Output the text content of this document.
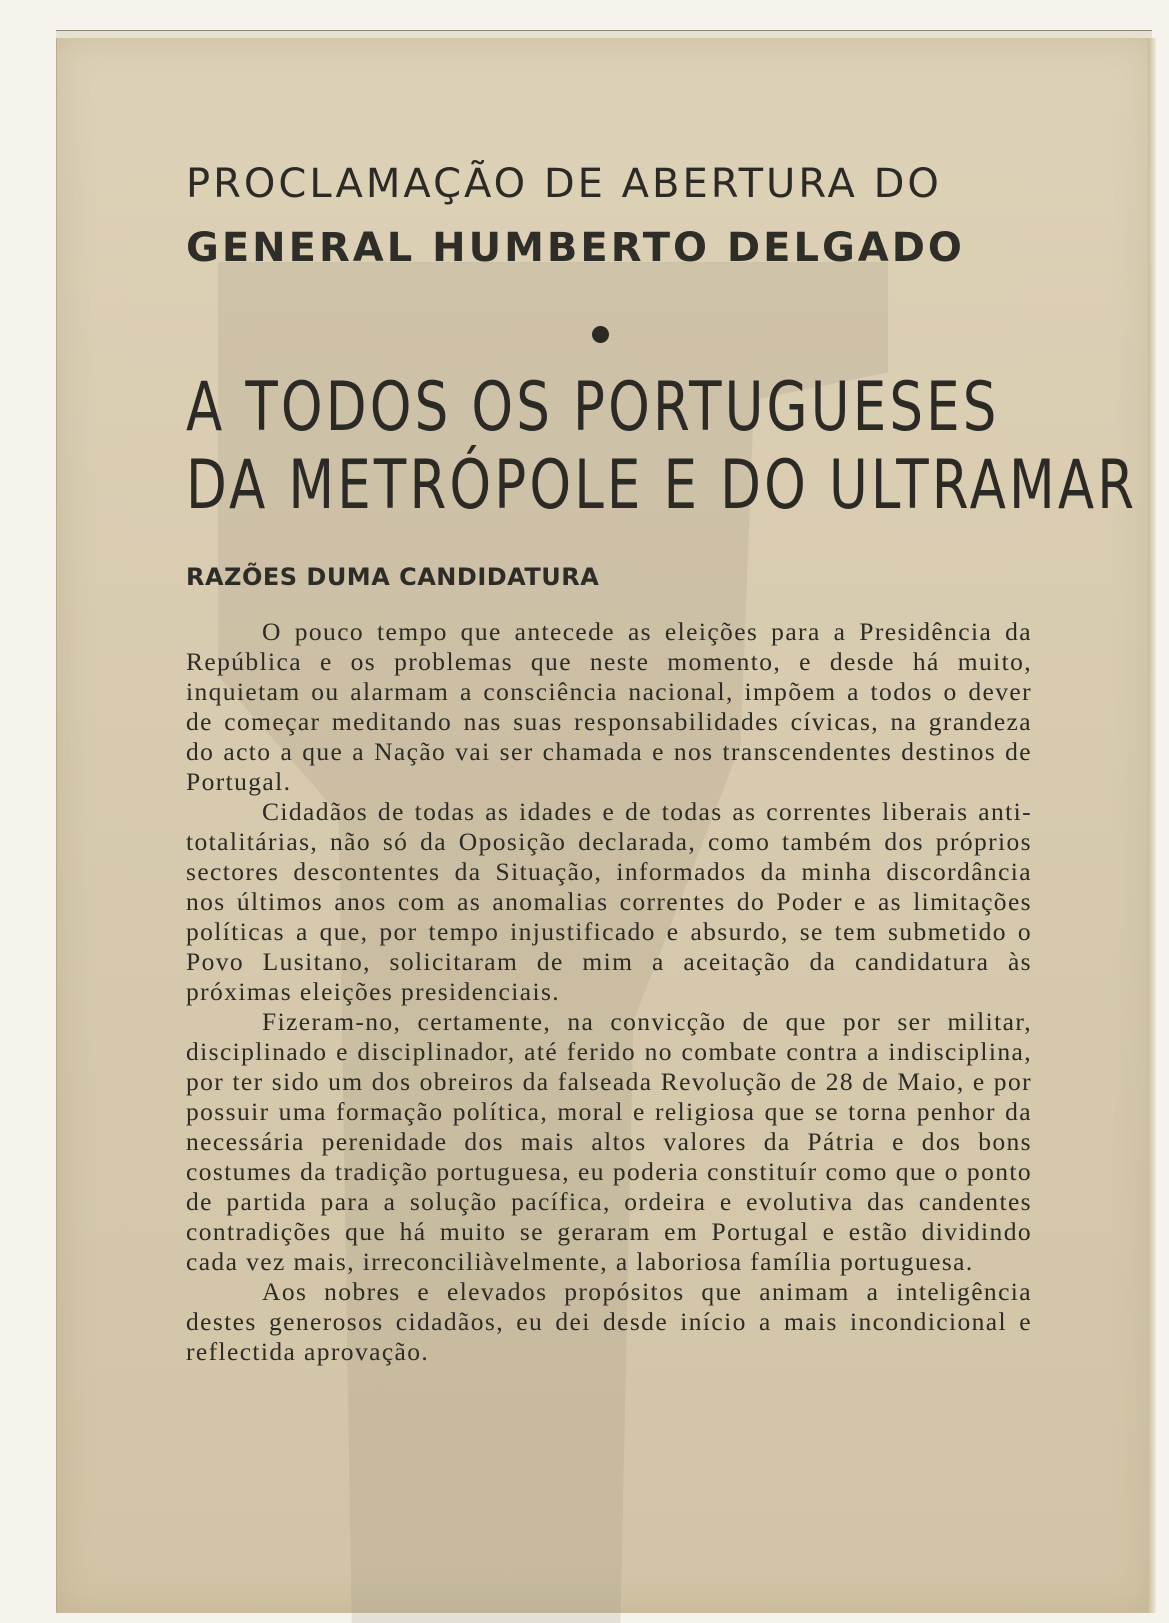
PROCLAMAÇÃO DE ABERTURA DO
GENERAL HUMBERTO DELGADO
A TODOS OS PORTUGUESES
DA METRÓPOLE E DO ULTRAMAR
RAZÕES DUMA CANDIDATURA

O pouco tempo que antecede as eleições para a Presidência da República e os problemas que neste momento, e desde há muito, inquietam ou alarmam a consciência nacional, impõem a todos o dever de começar meditando nas suas responsabilidades cívicas, na grandeza do acto a que a Nação vai ser chamada e nos transcendentes destinos de Portugal.

Cidadãos de todas as idades e de todas as correntes liberais anti-totalitárias, não só da Oposição declarada, como também dos próprios sectores descontentes da Situação, informados da minha discordância nos últimos anos com as anomalias correntes do Poder e as limitações políticas a que, por tempo injustificado e absurdo, se tem submetido o Povo Lusitano, solicitaram de mim a aceitação da candidatura às próximas eleições presidenciais.

Fizeram-no, certamente, na convicção de que por ser militar, disciplinado e disciplinador, até ferido no combate contra a indisciplina, por ter sido um dos obreiros da falseada Revolução de 28 de Maio, e por possuir uma formação política, moral e religiosa que se torna penhor da necessária perenidade dos mais altos valores da Pátria e dos bons costumes da tradição portuguesa, eu poderia constituír como que o ponto de partida para a solução pacífica, ordeira e evolutiva das candentes contradições que há muito se geraram em Portugal e estão dividindo cada vez mais, irreconciliàvelmente, a laboriosa família portuguesa.

Aos nobres e elevados propósitos que animam a inteligência destes generosos cidadãos, eu dei desde início a mais incondicional e reflectida aprovação.
